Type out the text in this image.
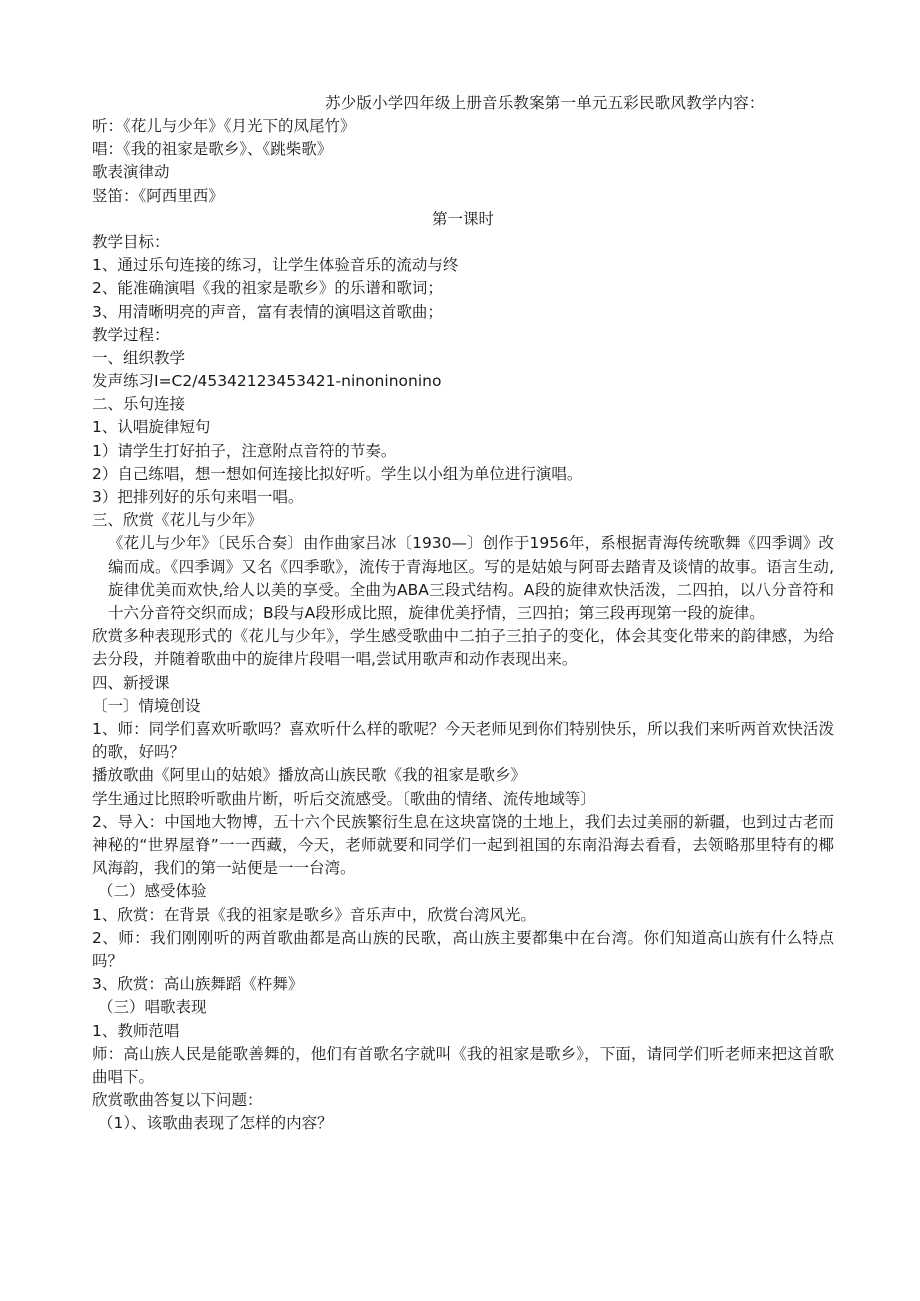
苏少版小学四年级上册音乐教案第一单元五彩民歌风教学内容：
听：《花儿与少年》《月光下的凤尾竹》
唱：《我的祖家是歌乡》、《跳柴歌》
歌表演律动
竖笛：《阿西里西》
第一课时
教学目标：
1、通过乐句连接的练习，让学生体验音乐的流动与终
2、能准确演唱《我的祖家是歌乡》的乐谱和歌词；
3、用清晰明亮的声音，富有表情的演唱这首歌曲；
教学过程：
一、组织教学
发声练习I=C2/45342123453421-ninoninonino
二、乐句连接
1、认唱旋律短句
1）请学生打好拍子，注意附点音符的节奏。
2）自己练唱，想一想如何连接比拟好听。学生以小组为单位进行演唱。
3）把排列好的乐句来唱一唱。
三、欣赏《花儿与少年》
《花儿与少年》〔民乐合奏〕由作曲家吕冰〔1930—〕创作于1956年，系根据青海传统歌舞《四季调》改编而成。《四季调》又名《四季歌》，流传于青海地区。写的是姑娘与阿哥去踏青及谈情的故事。语言生动,旋律优美而欢快,给人以美的享受。全曲为ABA三段式结构。A段的旋律欢快活泼，二四拍，以八分音符和十六分音符交织而成；B段与A段形成比照，旋律优美抒情，三四拍；第三段再现第一段的旋律。
欣赏多种表现形式的《花儿与少年》，学生感受歌曲中二拍子三拍子的变化，体会其变化带来的韵律感，为给去分段，并随着歌曲中的旋律片段唱一唱,尝试用歌声和动作表现出来。
四、新授课
〔一〕情境创设
1、师：同学们喜欢听歌吗？喜欢听什么样的歌呢？今天老师见到你们特别快乐，所以我们来听两首欢快活泼的歌，好吗？
播放歌曲《阿里山的姑娘》播放高山族民歌《我的祖家是歌乡》
学生通过比照聆听歌曲片断，听后交流感受。〔歌曲的情绪、流传地域等〕
2、导入：中国地大物博，五十六个民族繁衍生息在这块富饶的土地上，我们去过美丽的新疆，也到过古老而神秘的“世界屋脊”一一西藏，今天，老师就要和同学们一起到祖国的东南沿海去看看，去领略那里特有的椰风海韵，我们的第一站便是一一台湾。
（二）感受体验
1、欣赏：在背景《我的祖家是歌乡》音乐声中，欣赏台湾风光。
2、师：我们刚刚听的两首歌曲都是高山族的民歌，高山族主要都集中在台湾。你们知道高山族有什么特点吗？
3、欣赏：高山族舞蹈《杵舞》
（三）唱歌表现
1、教师范唱
师：高山族人民是能歌善舞的，他们有首歌名字就叫《我的祖家是歌乡》，下面，请同学们听老师来把这首歌曲唱下。
欣赏歌曲答复以下问题：
（1）、该歌曲表现了怎样的内容？
